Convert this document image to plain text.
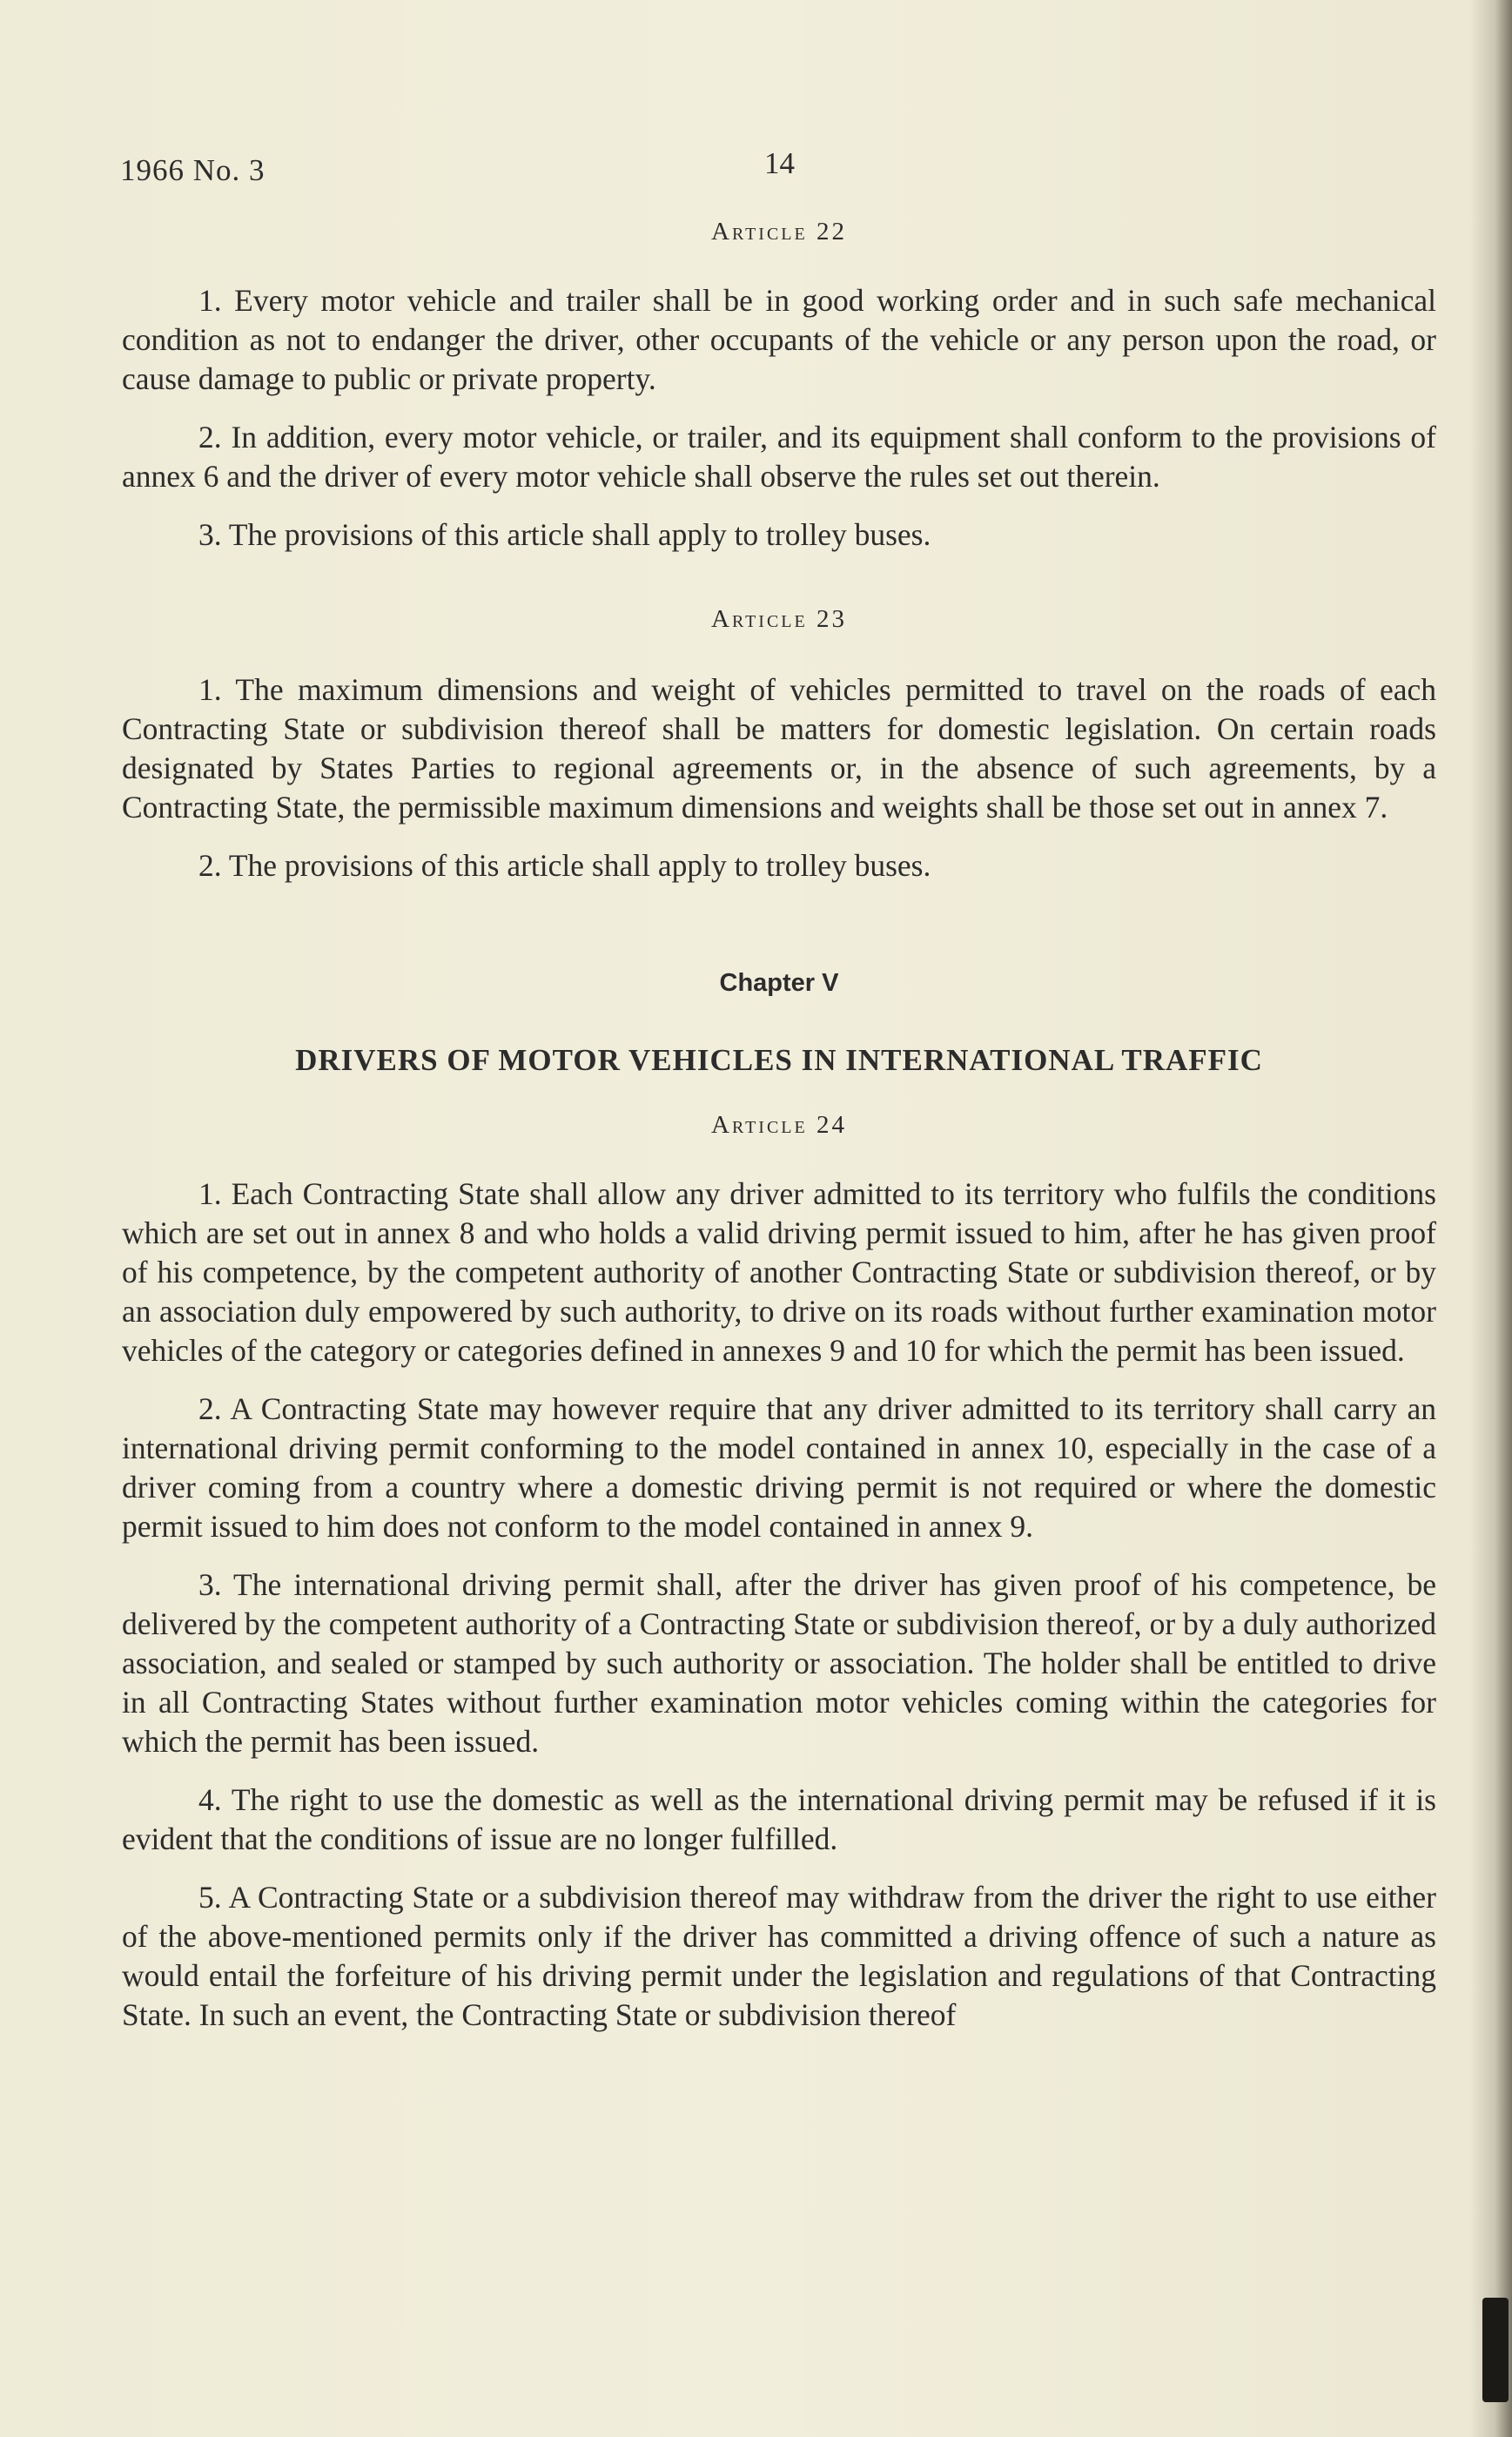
1966 No. 3	14
Article 22

1. Every motor vehicle and trailer shall be in good working order and in such safe mechanical condition as not to endanger the driver, other occupants of the vehicle or any person upon the road, or cause damage to public or private property.

2. In addition, every motor vehicle, or trailer, and its equipment shall conform to the provisions of annex 6 and the driver of every motor vehicle shall observe the rules set out therein.

3. The provisions of this article shall apply to trolley buses.

Article 23

1. The maximum dimensions and weight of vehicles permitted to travel on the roads of each Contracting State or subdivision thereof shall be matters for domestic legislation. On certain roads designated by States Parties to regional agreements or, in the absence of such agreements, by a Contracting State, the permissible maximum dimensions and weights shall be those set out in annex 7.

2. The provisions of this article shall apply to trolley buses.

Chapter V
DRIVERS OF MOTOR VEHICLES IN INTERNATIONAL TRAFFIC
Article 24

1. Each Contracting State shall allow any driver admitted to its territory who fulfils the conditions which are set out in annex 8 and who holds a valid driving permit issued to him, after he has given proof of his competence, by the competent authority of another Contracting State or subdivision thereof, or by an association duly empowered by such authority, to drive on its roads without further examination motor vehicles of the category or categories defined in annexes 9 and 10 for which the permit has been issued.

2. A Contracting State may however require that any driver admitted to its territory shall carry an international driving permit conforming to the model contained in annex 10, especially in the case of a driver coming from a country where a domestic driving permit is not required or where the domestic permit issued to him does not conform to the model contained in annex 9.

3. The international driving permit shall, after the driver has given proof of his competence, be delivered by the competent authority of a Contracting State or subdivision thereof, or by a duly authorized association, and sealed or stamped by such authority or association. The holder shall be entitled to drive in all Contracting States without further examination motor vehicles coming within the categories for which the permit has been issued.

4. The right to use the domestic as well as the international driving permit may be refused if it is evident that the conditions of issue are no longer fulfilled.

5. A Contracting State or a subdivision thereof may withdraw from the driver the right to use either of the above-mentioned permits only if the driver has committed a driving offence of such a nature as would entail the forfeiture of his driving permit under the legislation and regulations of that Contracting State. In such an event, the Contracting State or subdivision thereof
